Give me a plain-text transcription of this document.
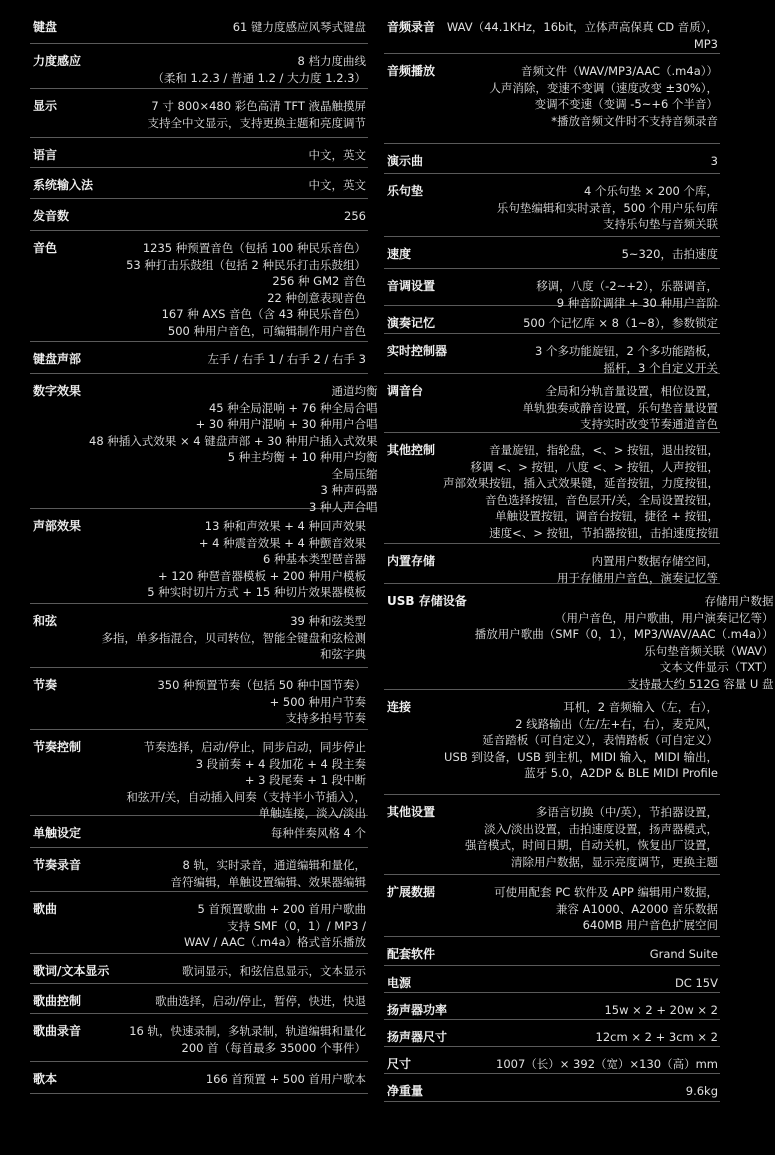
键盘	61 键力度感应风琴式键盘
力度感应	8 档力度曲线
（柔和 1.2.3 / 普通 1.2 / 大力度 1.2.3）
显示	7 寸 800×480 彩色高清 TFT 液晶触摸屏
支持全中文显示，支持更换主题和亮度调节
语言	中文，英文
系统输入法	中文，英文
发音数	256
音色	1235 种预置音色（包括 100 种民乐音色）
53 种打击乐鼓组（包括 2 种民乐打击乐鼓组）
256 种 GM2 音色
22 种创意表现音色
167 种 AXS 音色（含 43 种民乐音色）
500 种用户音色，可编辑制作用户音色
键盘声部	左手 / 右手 1 / 右手 2 / 右手 3
数字效果	通道均衡
45 种全局混响 + 76 种全局合唱
+ 30 种用户混响 + 30 种用户合唱
48 种插入式效果 × 4 键盘声部 + 30 种用户插入式效果
5 种主均衡 + 10 种用户均衡
全局压缩
3 种声码器
3 种人声合唱
声部效果	13 种和声效果 + 4 种回声效果
+ 4 种震音效果 + 4 种颤音效果
6 种基本类型琶音器
+ 120 种琶音器模板 + 200 种用户模板
5 种实时切片方式 + 15 种切片效果器模板
和弦	39 种和弦类型
多指，单多指混合，贝司转位，智能全键盘和弦检测
和弦字典
节奏	350 种预置节奏（包括 50 种中国节奏）
+ 500 种用户节奏
支持多拍号节奏
节奏控制	节奏选择，启动/停止，同步启动，同步停止
3 段前奏 + 4 段加花 + 4 段主奏
+ 3 段尾奏 + 1 段中断
和弦开/关，自动插入间奏（支持半小节插入），
单触连接，淡入/淡出
单触设定	每种伴奏风格 4 个
节奏录音	8 轨，实时录音，通道编辑和量化，
音符编辑，单触设置编辑、效果器编辑
歌曲	5 首预置歌曲 + 200 首用户歌曲
支持 SMF（0，1）/ MP3 /
WAV / AAC（.m4a）格式音乐播放
歌词/文本显示	歌词显示，和弦信息显示，文本显示
歌曲控制	歌曲选择，启动/停止，暂停，快进，快退
歌曲录音	16 轨，快速录制，多轨录制，轨道编辑和量化
200 首（每首最多 35000 个事件）
歌本	166 首预置 + 500 首用户歌本
音频录音	WAV（44.1KHz，16bit，立体声高保真 CD 音质），
MP3
音频播放	音频文件（WAV/MP3/AAC（.m4a））
人声消除，变速不变调（速度改变 ±30%），
变调不变速（变调 -5~+6 个半音）
*播放音频文件时不支持音频录音
演示曲	3
乐句垫	4 个乐句垫 × 200 个库，
乐句垫编辑和实时录音，500 个用户乐句库
支持乐句垫与音频关联
速度	5~320，击拍速度
音调设置	移调，八度（-2~+2），乐器调音，
9 种音阶调律 + 30 种用户音阶
演奏记忆	500 个记忆库 × 8（1~8），参数锁定
实时控制器	3 个多功能旋钮，2 个多功能踏板，
摇杆，3 个自定义开关
调音台	全局和分轨音量设置，相位设置，
单轨独奏或静音设置，乐句垫音量设置
支持实时改变节奏通道音色
其他控制	音量旋钮，指轮盘，<、> 按钮，退出按钮，
移调 <、> 按钮，八度 <、> 按钮，人声按钮，
声部效果按钮，插入式效果键，延音按钮，力度按钮，
音色选择按钮，音色层开/关，全局设置按钮，
单触设置按钮，调音台按钮，捷径 + 按钮，
速度<、> 按钮，节拍器按钮，击拍速度按钮
内置存储	内置用户数据存储空间，
用于存储用户音色，演奏记忆等
USB 存储设备	存储用户数据
（用户音色，用户歌曲，用户演奏记忆等）
播放用户歌曲（SMF（0，1），MP3/WAV/AAC（.m4a））
乐句垫音频关联（WAV）
文本文件显示（TXT）
支持最大约 512G 容量 U 盘
连接	耳机，2 音频输入（左，右），
2 线路输出（左/左+右，右），麦克风，
延音踏板（可自定义），表情踏板（可自定义）
USB 到设备，USB 到主机，MIDI 输入，MIDI 输出，
蓝牙 5.0，A2DP & BLE MIDI Profile
其他设置	多语言切换（中/英），节拍器设置，
淡入/淡出设置，击拍速度设置，扬声器模式，
强音模式，时间日期，自动关机，恢复出厂设置，
清除用户数据，显示亮度调节，更换主题
扩展数据	可使用配套 PC 软件及 APP 编辑用户数据，
兼容 A1000、A2000 音乐数据
640MB 用户音色扩展空间
配套软件	Grand Suite
电源	DC 15V
扬声器功率	15w × 2 + 20w × 2
扬声器尺寸	12cm × 2 + 3cm × 2
尺寸	1007（长）× 392（宽）×130（高）mm
净重量	9.6kg
